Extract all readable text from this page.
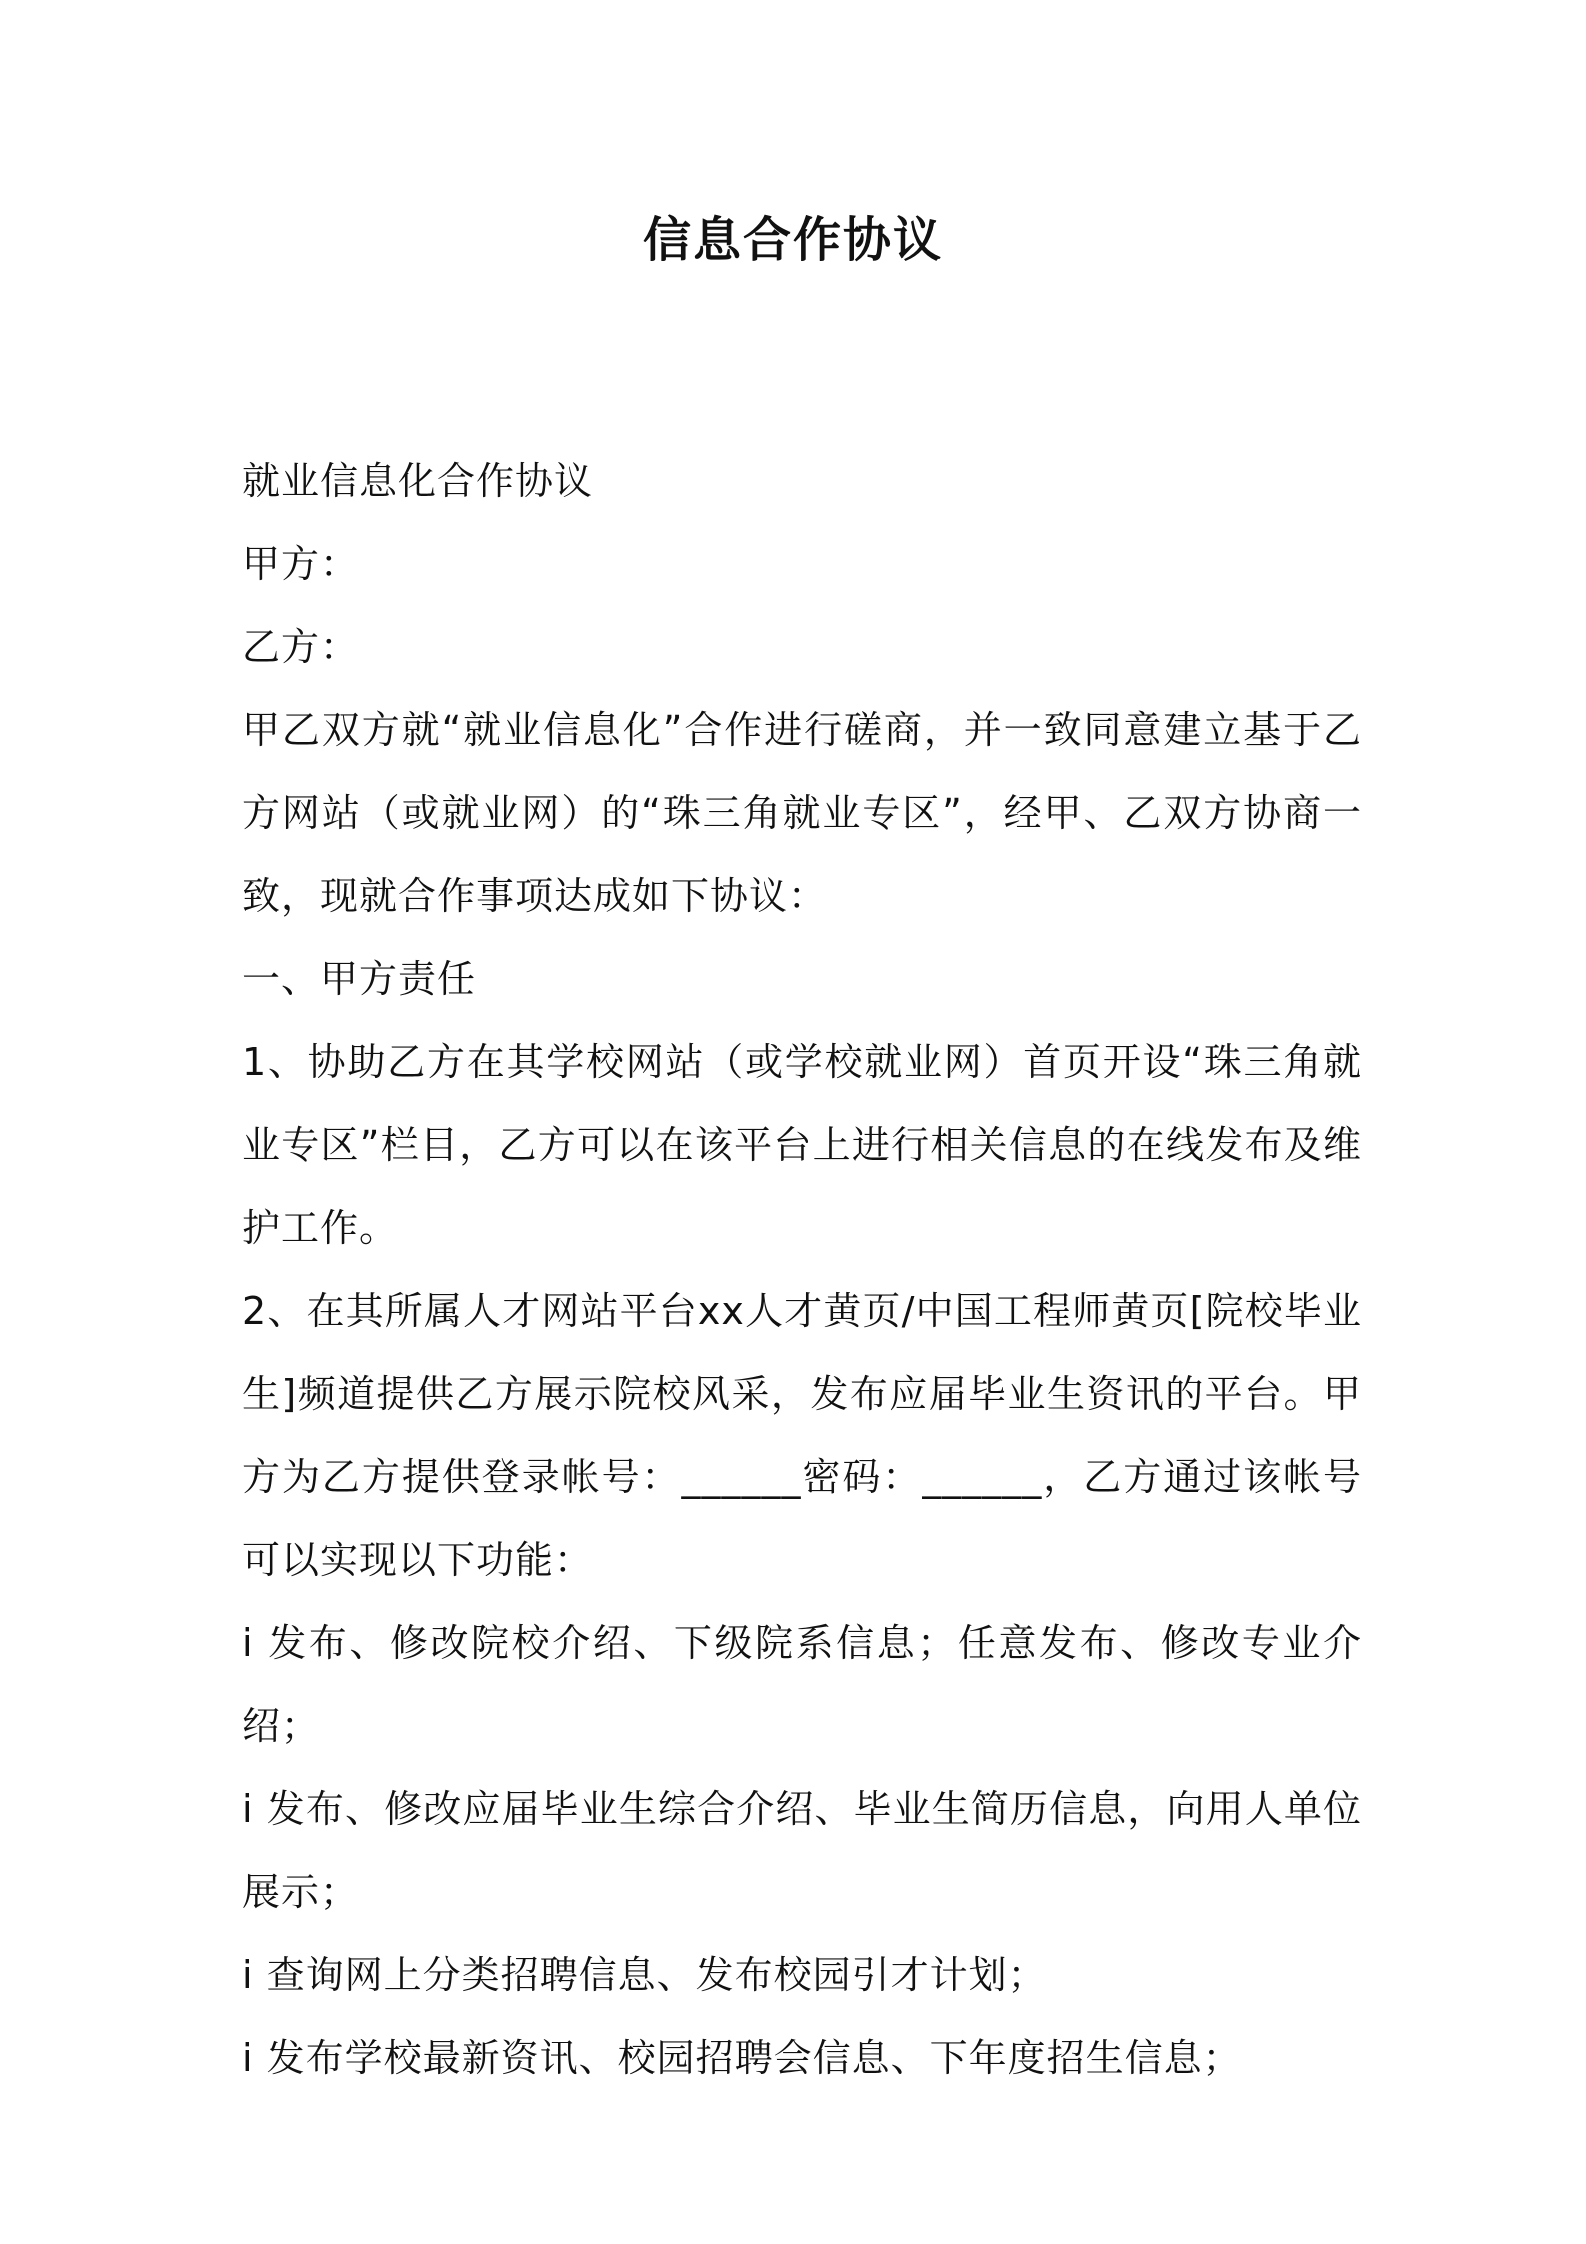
信息合作协议

就业信息化合作协议

甲方：

乙方：

甲乙双方就“就业信息化”合作进行磋商，并一致同意建立基于乙方网站（或就业网）的“珠三角就业专区”，经甲、乙双方协商一致，现就合作事项达成如下协议：

一、甲方责任

1、协助乙方在其学校网站（或学校就业网）首页开设“珠三角就业专区”栏目，乙方可以在该平台上进行相关信息的在线发布及维护工作。

2、在其所属人才网站平台xx人才黄页/中国工程师黄页[院校毕业生]频道提供乙方展示院校风采，发布应届毕业生资讯的平台。甲方为乙方提供登录帐号：______密码：______，乙方通过该帐号可以实现以下功能：

i 发布、修改院校介绍、下级院系信息；任意发布、修改专业介绍；

i 发布、修改应届毕业生综合介绍、毕业生简历信息，向用人单位展示；

i 查询网上分类招聘信息、发布校园引才计划；

i 发布学校最新资讯、校园招聘会信息、下年度招生信息；
